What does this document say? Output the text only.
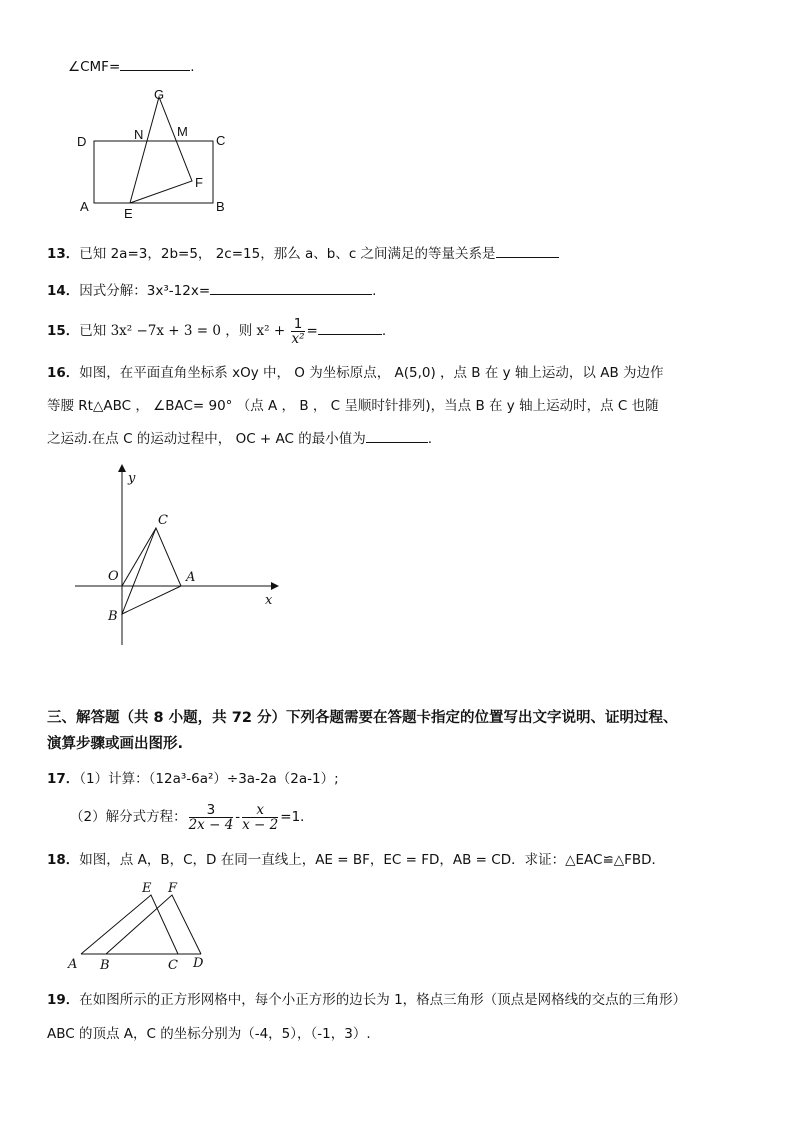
∠CMF=	.
G
D	N	M
C
F
A	E	B
13．已知 2a=3，2b=5， 2c=15，那么 a、b、c 之间满足的等量关系是
14．因式分解：3x³-12x=	.
15．已知 3x² −7x + 3 = 0 ，则 $x^2 + \frac{1}{\text{x²}}$ =	.
16．如图，在平面直角坐标系 xOy 中， O 为坐标原点， A(5,0) ，点 B 在 y 轴上运动，以 AB 为边作
等腰 Rt△ABC ， ∠BAC= 90° （点 A ， B ， C 呈顺时针排列)，当点 B 在 y 轴上运动时，点 C 也随
之运动.在点 C 的运动过程中， OC + AC 的最小值为	.
y
C
O	A
B
x
三、解答题（共 8 小题，共 72 分）下列各题需要在答题卡指定的位置写出文字说明、证明过程、
演算步骤或画出图形.
17．（1）计算：（12a³-6a²）÷3a-2a（2a-1）;
（2）解分式方程： $\frac{3}{2x - 4} - \frac{x}{x - 2} =1$．
18．如图，点 A，B，C，D 在同一直线上，AE = BF，EC = FD，AB = CD．求证：△EAC≌△FBD．
E F
A B	C D
19．在如图所示的正方形网格中，每个小正方形的边长为 1，格点三角形（顶点是网格线的交点的三角形）
ABC 的顶点 A，C 的坐标分别为（-4，5），（-1，3）.
